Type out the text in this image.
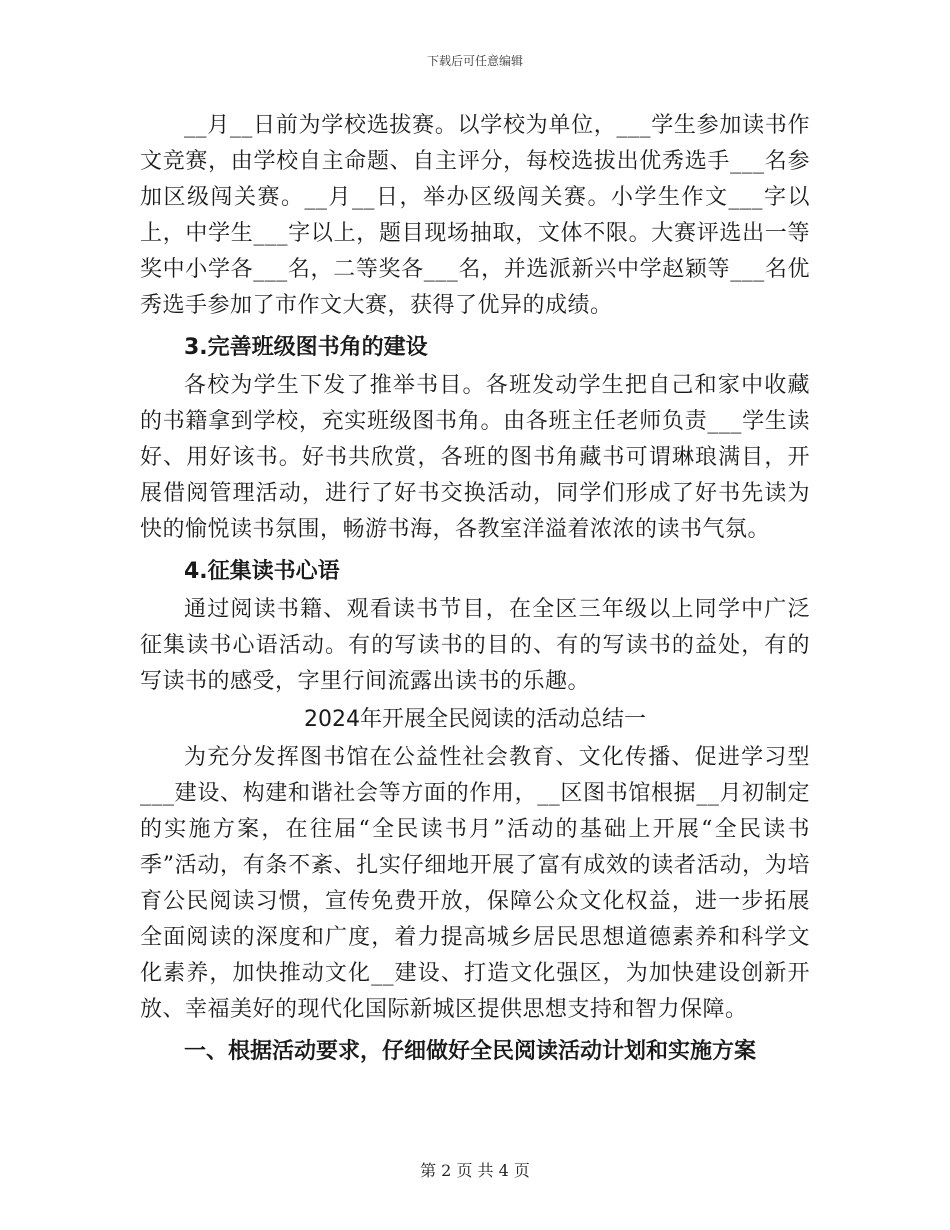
下载后可任意编辑

__月__日前为学校选拔赛。以学校为单位，___学生参加读书作文竞赛，由学校自主命题、自主评分，每校选拔出优秀选手___名参加区级闯关赛。__月__日，举办区级闯关赛。小学生作文___字以上，中学生___字以上，题目现场抽取，文体不限。大赛评选出一等奖中小学各___名，二等奖各___名，并选派新兴中学赵颖等___名优秀选手参加了市作文大赛，获得了优异的成绩。

3.完善班级图书角的建设

各校为学生下发了推举书目。各班发动学生把自己和家中收藏的书籍拿到学校，充实班级图书角。由各班主任老师负责___学生读好、用好该书。好书共欣赏，各班的图书角藏书可谓琳琅满目，开展借阅管理活动，进行了好书交换活动，同学们形成了好书先读为快的愉悦读书氛围，畅游书海，各教室洋溢着浓浓的读书气氛。

4.征集读书心语

通过阅读书籍、观看读书节目，在全区三年级以上同学中广泛征集读书心语活动。有的写读书的目的、有的写读书的益处，有的写读书的感受，字里行间流露出读书的乐趣。

2024年开展全民阅读的活动总结一

为充分发挥图书馆在公益性社会教育、文化传播、促进学习型___建设、构建和谐社会等方面的作用，__区图书馆根据__月初制定的实施方案，在往届“全民读书月”活动的基础上开展“全民读书季”活动，有条不紊、扎实仔细地开展了富有成效的读者活动，为培育公民阅读习惯，宣传免费开放，保障公众文化权益，进一步拓展全面阅读的深度和广度，着力提高城乡居民思想道德素养和科学文化素养，加快推动文化__建设、打造文化强区，为加快建设创新开放、幸福美好的现代化国际新城区提供思想支持和智力保障。

一、根据活动要求，仔细做好全民阅读活动计划和实施方案

第 2 页 共 4 页
